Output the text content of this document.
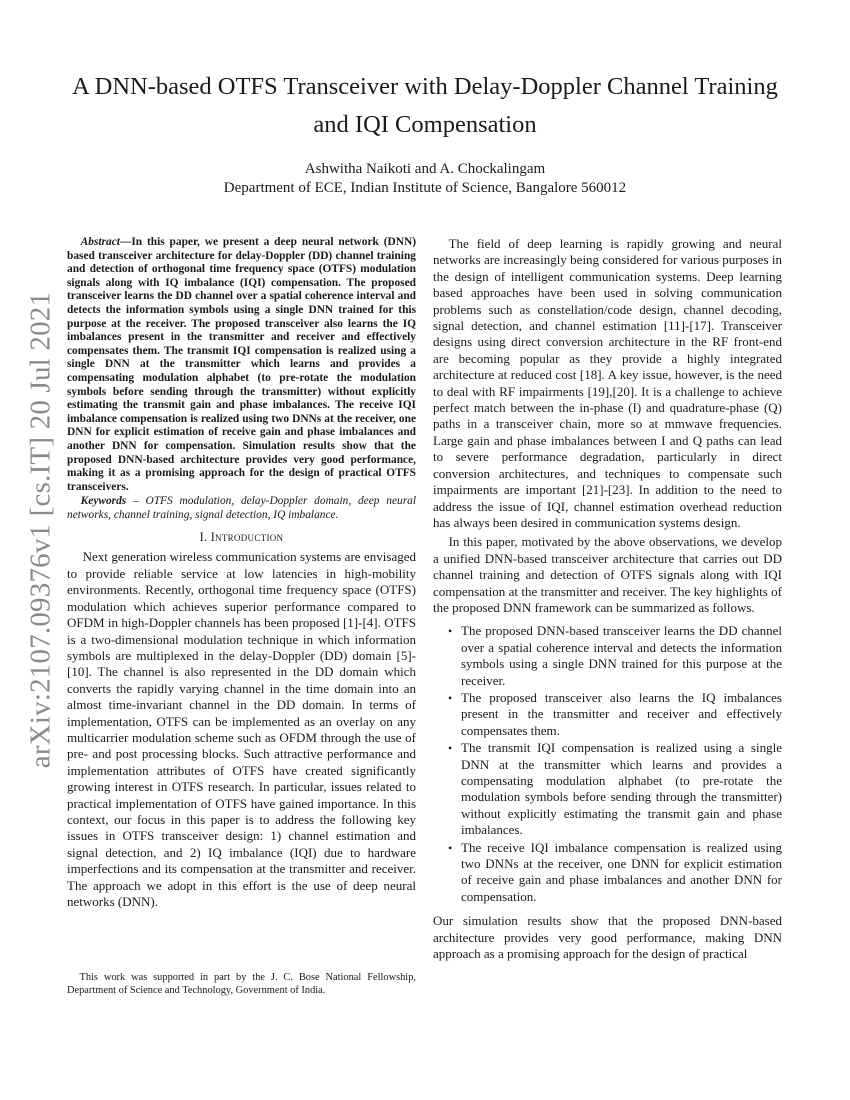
arXiv:2107.09376v1 [cs.IT] 20 Jul 2021
A DNN-based OTFS Transceiver with Delay-Doppler Channel Training and IQI Compensation
Ashwitha Naikoti and A. Chockalingam
Department of ECE, Indian Institute of Science, Bangalore 560012

Abstract—In this paper, we present a deep neural network (DNN) based transceiver architecture for delay-Doppler (DD) channel training and detection of orthogonal time frequency space (OTFS) modulation signals along with IQ imbalance (IQI) compensation. The proposed transceiver learns the DD channel over a spatial coherence interval and detects the information symbols using a single DNN trained for this purpose at the receiver. The proposed transceiver also learns the IQ imbalances present in the transmitter and receiver and effectively compensates them. The transmit IQI compensation is realized using a single DNN at the transmitter which learns and provides a compensating modulation alphabet (to pre-rotate the modulation symbols before sending through the transmitter) without explicitly estimating the transmit gain and phase imbalances. The receive IQI imbalance compensation is realized using two DNNs at the receiver, one DNN for explicit estimation of receive gain and phase imbalances and another DNN for compensation. Simulation results show that the proposed DNN-based architecture provides very good performance, making it as a promising approach for the design of practical OTFS transceivers.

Keywords – OTFS modulation, delay-Doppler domain, deep neural networks, channel training, signal detection, IQ imbalance.

I. Introduction

Next generation wireless communication systems are envisaged to provide reliable service at low latencies in high-mobility environments. Recently, orthogonal time frequency space (OTFS) modulation which achieves superior performance compared to OFDM in high-Doppler channels has been proposed [1]-[4]. OTFS is a two-dimensional modulation technique in which information symbols are multiplexed in the delay-Doppler (DD) domain [5]-[10]. The channel is also represented in the DD domain which converts the rapidly varying channel in the time domain into an almost time-invariant channel in the DD domain. In terms of implementation, OTFS can be implemented as an overlay on any multicarrier modulation scheme such as OFDM through the use of pre- and post processing blocks. Such attractive performance and implementation attributes of OTFS have created significantly growing interest in OTFS research. In particular, issues related to practical implementation of OTFS have gained importance. In this context, our focus in this paper is to address the following key issues in OTFS transceiver design: 1) channel estimation and signal detection, and 2) IQ imbalance (IQI) due to hardware imperfections and its compensation at the transmitter and receiver. The approach we adopt in this effort is the use of deep neural networks (DNN).

This work was supported in part by the J. C. Bose National Fellowship, Department of Science and Technology, Government of India.

The field of deep learning is rapidly growing and neural networks are increasingly being considered for various purposes in the design of intelligent communication systems. Deep learning based approaches have been used in solving communication problems such as constellation/code design, channel decoding, signal detection, and channel estimation [11]-[17]. Transceiver designs using direct conversion architecture in the RF front-end are becoming popular as they provide a highly integrated architecture at reduced cost [18]. A key issue, however, is the need to deal with RF impairments [19],[20]. It is a challenge to achieve perfect match between the in-phase (I) and quadrature-phase (Q) paths in a transceiver chain, more so at mmwave frequencies. Large gain and phase imbalances between I and Q paths can lead to severe performance degradation, particularly in direct conversion architectures, and techniques to compensate such impairments are important [21]-[23]. In addition to the need to address the issue of IQI, channel estimation overhead reduction has always been desired in communication systems design.

In this paper, motivated by the above observations, we develop a unified DNN-based transceiver architecture that carries out DD channel training and detection of OTFS signals along with IQI compensation at the transmitter and receiver. The key highlights of the proposed DNN framework can be summarized as follows.

• The proposed DNN-based transceiver learns the DD channel over a spatial coherence interval and detects the information symbols using a single DNN trained for this purpose at the receiver.
• The proposed transceiver also learns the IQ imbalances present in the transmitter and receiver and effectively compensates them.
• The transmit IQI compensation is realized using a single DNN at the transmitter which learns and provides a compensating modulation alphabet (to pre-rotate the modulation symbols before sending through the transmitter) without explicitly estimating the transmit gain and phase imbalances.
• The receive IQI imbalance compensation is realized using two DNNs at the receiver, one DNN for explicit estimation of receive gain and phase imbalances and another DNN for compensation.

Our simulation results show that the proposed DNN-based architecture provides very good performance, making DNN approach as a promising approach for the design of practical
